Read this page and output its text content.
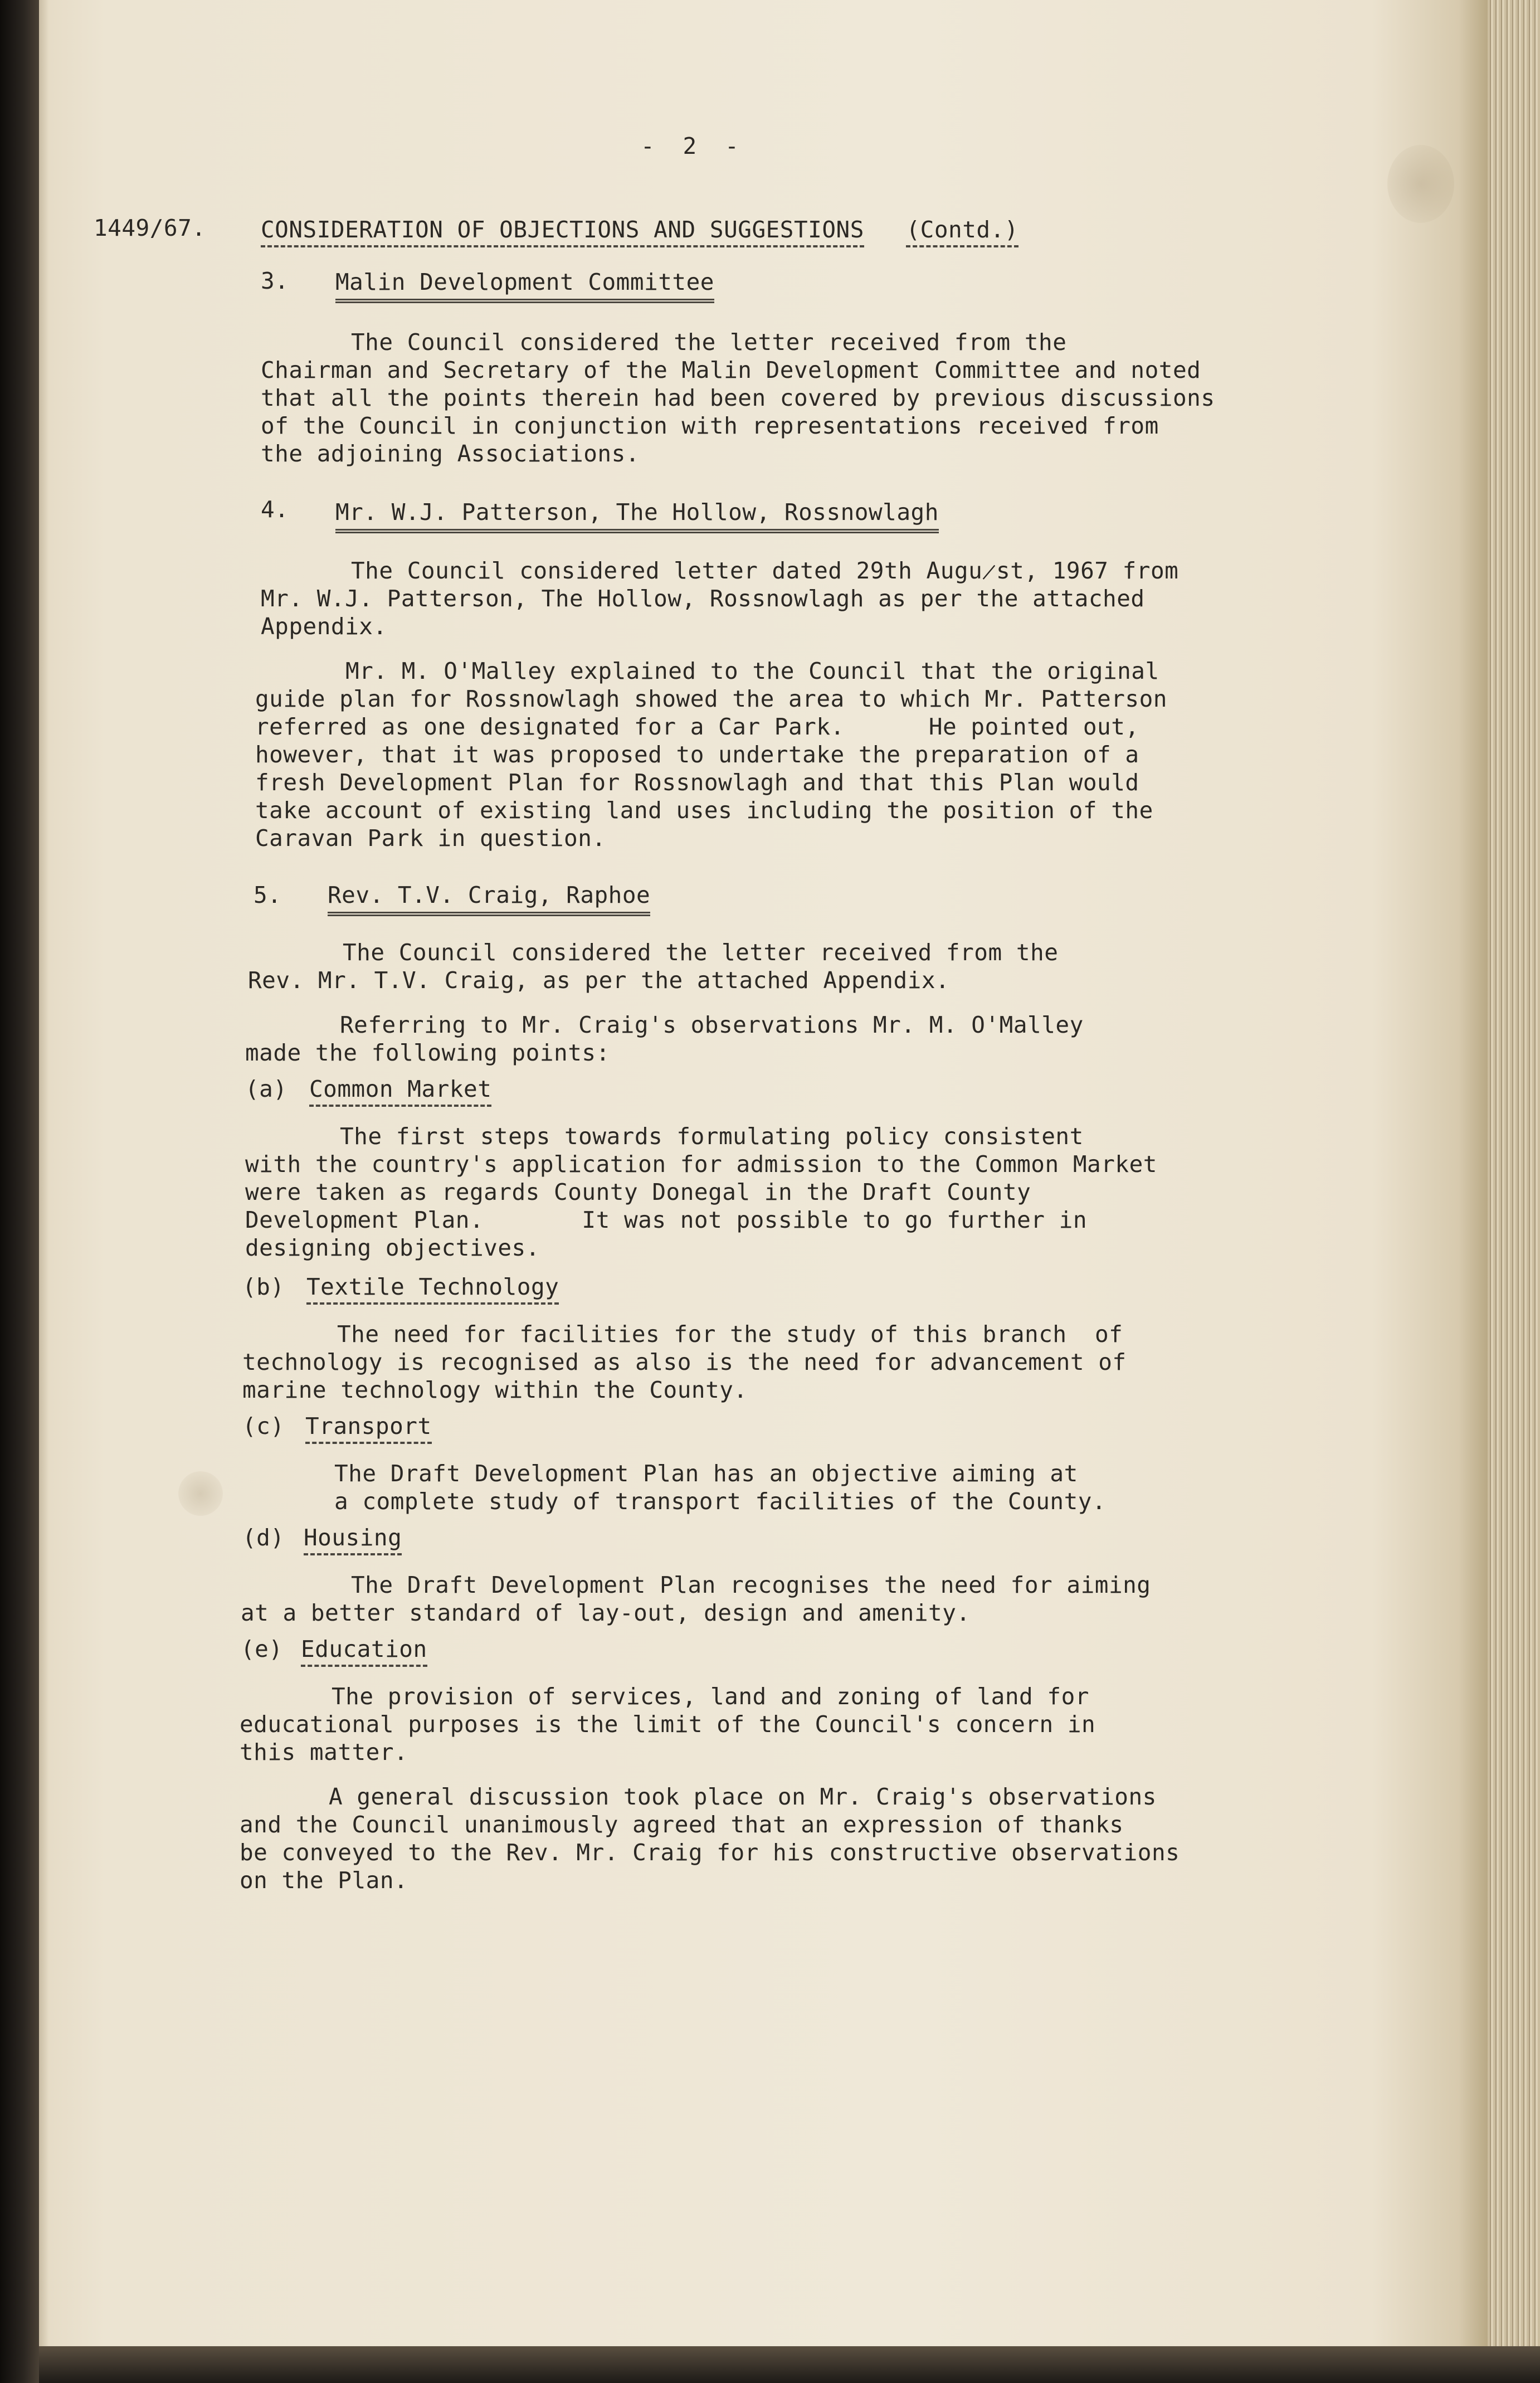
-  2  -
1449/67. CONSIDERATION OF OBJECTIONS AND SUGGESTIONS (Contd.)
3. Malin Development Committee
The Council considered the letter received from the
Chairman and Secretary of the Malin Development Committee and noted
that all the points therein had been covered by previous discussions
of the Council in conjunction with representations received from
the adjoining Associations.
4. Mr. W.J. Patterson, The Hollow, Rossnowlagh
The Council considered letter dated 29th Augu̷st, 1967 from
Mr. W.J. Patterson, The Hollow, Rossnowlagh as per the attached
Appendix.
Mr. M. O'Malley explained to the Council that the original
guide plan for Rossnowlagh showed the area to which Mr. Patterson
referred as one designated for a Car Park.      He pointed out,
however, that it was proposed to undertake the preparation of a
fresh Development Plan for Rossnowlagh and that this Plan would
take account of existing land uses including the position of the
Caravan Park in question.
5. Rev. T.V. Craig, Raphoe
The Council considered the letter received from the
Rev. Mr. T.V. Craig, as per the attached Appendix.
Referring to Mr. Craig's observations Mr. M. O'Malley
made the following points:
(a) Common Market
The first steps towards formulating policy consistent
with the country's application for admission to the Common Market
were taken as regards County Donegal in the Draft County
Development Plan.       It was not possible to go further in
designing objectives.
(b) Textile Technology
The need for facilities for the study of this branch  of
technology is recognised as also is the need for advancement of
marine technology within the County.
(c) Transport
The Draft Development Plan has an objective aiming at
a complete study of transport facilities of the County.
(d) Housing
The Draft Development Plan recognises the need for aiming
at a better standard of lay-out, design and amenity.
(e) Education
The provision of services, land and zoning of land for
educational purposes is the limit of the Council's concern in
this matter.
A general discussion took place on Mr. Craig's observations
and the Council unanimously agreed that an expression of thanks
be conveyed to the Rev. Mr. Craig for his constructive observations
on the Plan.
